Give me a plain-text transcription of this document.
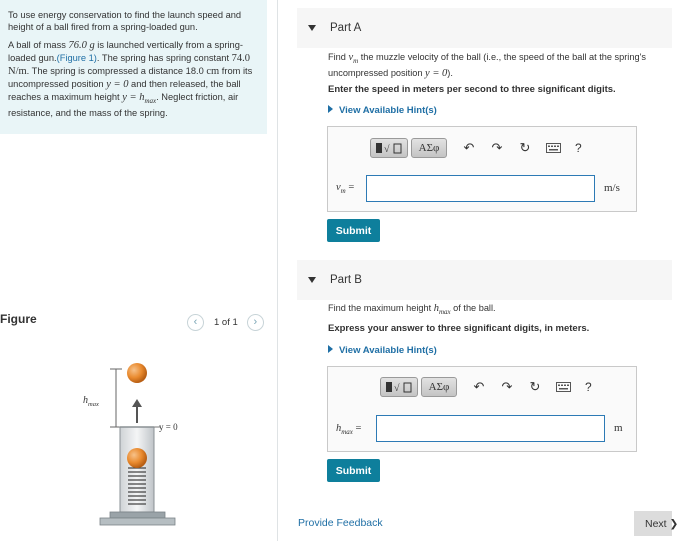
To use energy conservation to find the launch speed and height of a ball fired from a spring-loaded gun.

A ball of mass 76.0 g is launched vertically from a spring-loaded gun.(Figure 1). The spring has spring constant 74.0 N/m. The spring is compressed a distance 18.0 cm from its uncompressed position y = 0 and then released, the ball reaches a maximum height $y = h_{max}$. Neglect friction, air resistance, and the mass of the spring.

Figure	‹	1 of 1	›
$h_{max}$
y = 0
Part A
Find $v_m$ the muzzle velocity of the ball (i.e., the speed of the ball at the spring's uncompressed position y = 0).
Enter the speed in meters per second to three significant digits.
View Available Hint(s)
√	ΑΣφ	↶ ↷ ↻	?
$v_m$ =	m/s
Submit
Part B
Find the maximum height $h_{max}$ of the ball.
Express your answer to three significant digits, in meters.
View Available Hint(s)
√	ΑΣφ	↶ ↷ ↻	?
$h_{max}$ =	m
Submit
Provide Feedback	Next ❯
